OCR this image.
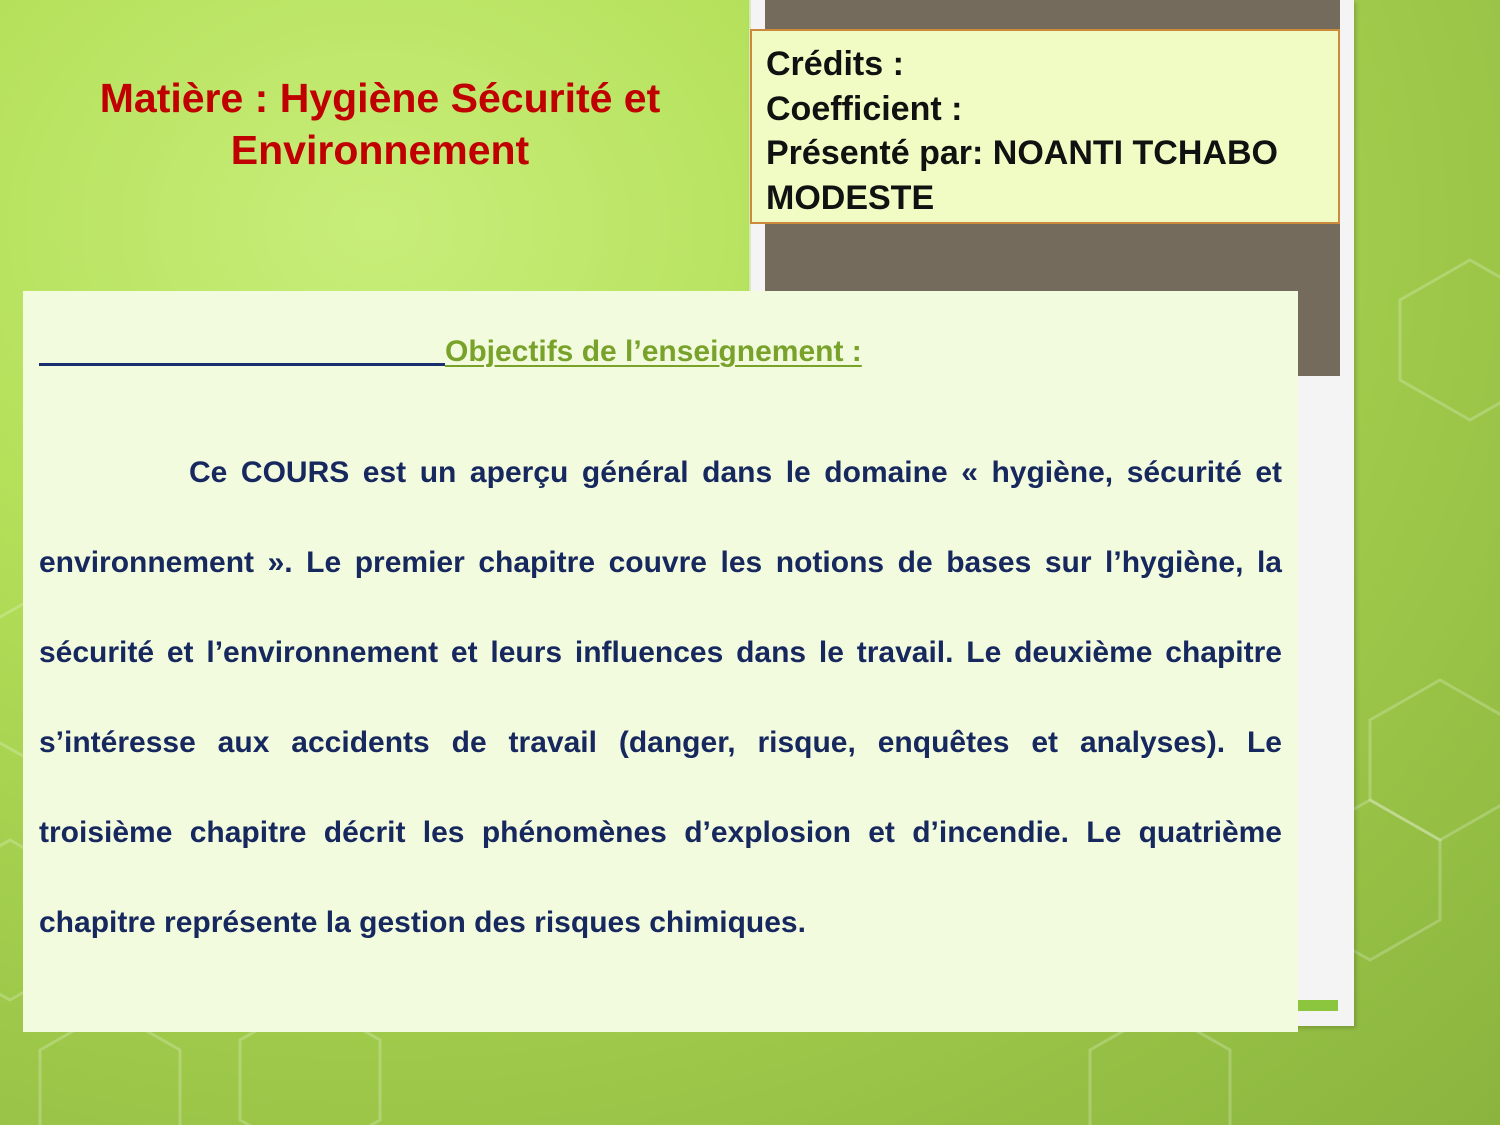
Matière : Hygiène Sécurité et Environnement
Crédits :
Coefficient :
Présenté par: NOANTI TCHABO
MODESTE

Objectifs de l’enseignement :

Ce COURS est un aperçu général dans le domaine « hygiène, sécurité et environnement ». Le premier chapitre couvre les notions de bases sur l’hygiène, la sécurité et l’environnement et leurs influences dans le travail. Le deuxième chapitre s’intéresse aux accidents de travail (danger, risque, enquêtes et analyses). Le troisième chapitre décrit les phénomènes d’explosion et d’incendie. Le quatrième chapitre représente la gestion des risques chimiques.
